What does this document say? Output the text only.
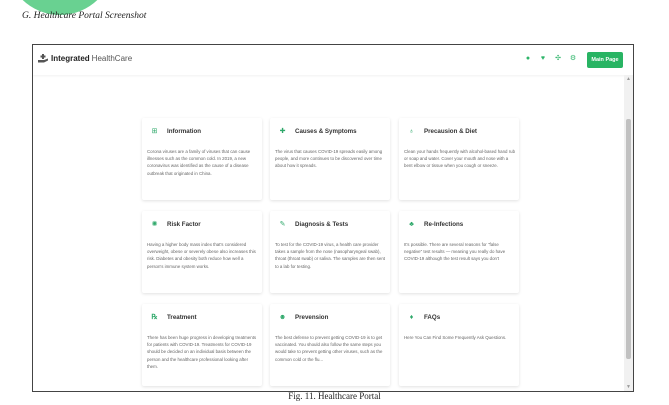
G. Healthcare Portal Screenshot
Integrated HealthCare	● ♥ ✣ ⚙	Main Page
⊞ Information
Corona viruses are a family of viruses that can cause illnesses such as the common cold. In 2019, a new coronavirus was identified as the cause of a disease outbreak that originated in China.
✚ Causes & Symptoms
The virus that causes COVID-19 spreads easily among people, and more continues to be discovered over time about how it spreads.
♁	Precausion & Diet
Clean your hands frequently with alcohol-based hand rub or soap and water. Cover your mouth and nose with a bent elbow or tissue when you cough or sneeze.
✺ Risk Factor
Having a higher body mass index that's considered overweight, obese or severely obese also increases this risk. Diabetes and obesity both reduce how well a person's immune system works.
✎ Diagnosis & Tests
To test for the COVID-19 virus, a health care provider takes a sample from the nose (nasopharyngeal swab), throat (throat swab) or saliva. The samples are then sent to a lab for testing.
♣	Re-Infections
It's possible. There are several reasons for "false negative" test results — meaning you really do have COVID-19 although the test result says you don't
℞ Treatment
There has been huge progress in developing treatments for patients with COVID-19. Treatments for COVID-19 should be decided on an individual basis between the person and the healthcare professional looking after them.
☻ Prevension
The best defense to prevent getting COVID-19 is to get vaccinated. You should also follow the same steps you would take to prevent getting other viruses, such as the common cold or the flu...
♦	FAQs
Here You Can Find Some Frequently Ask Questions.
▲
▼
Fig. 11. Healthcare Portal
